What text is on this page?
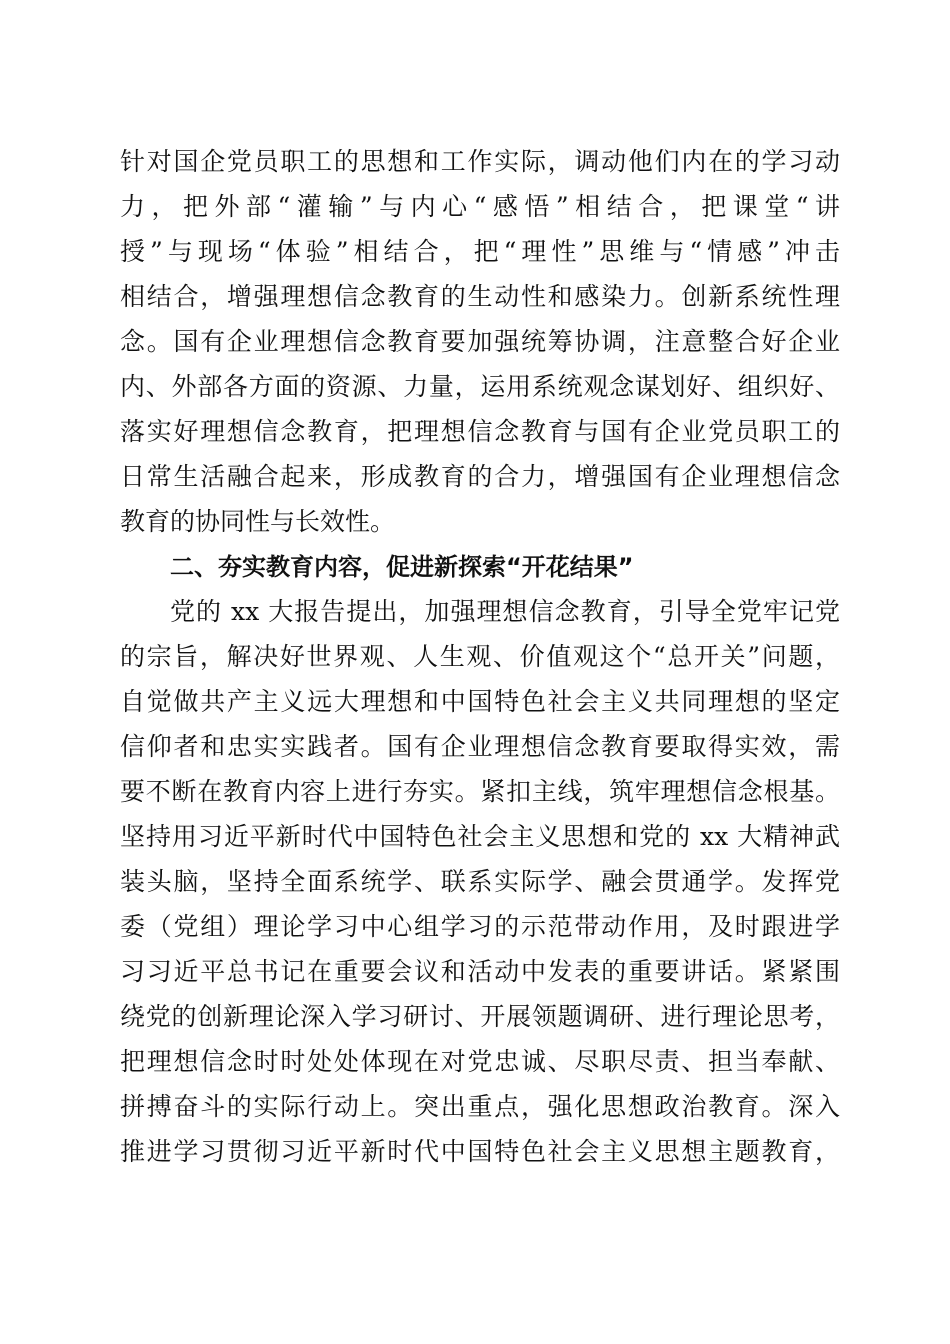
针对国企党员职工的思想和工作实际，调动他们内在的学习动
力，把外部“灌输”与内心“感悟”相结合，把课堂“讲
授”与现场“体验”相结合，把“理性”思维与“情感”冲击
相结合，增强理想信念教育的生动性和感染力。创新系统性理
念。国有企业理想信念教育要加强统筹协调，注意整合好企业
内、外部各方面的资源、力量，运用系统观念谋划好、组织好、
落实好理想信念教育，把理想信念教育与国有企业党员职工的
日常生活融合起来，形成教育的合力，增强国有企业理想信念
教育的协同性与长效性。
二、夯实教育内容，促进新探索“开花结果”
党的 xx 大报告提出，加强理想信念教育，引导全党牢记党
的宗旨，解决好世界观、人生观、价值观这个“总开关”问题，
自觉做共产主义远大理想和中国特色社会主义共同理想的坚定
信仰者和忠实实践者。国有企业理想信念教育要取得实效，需
要不断在教育内容上进行夯实。紧扣主线，筑牢理想信念根基。
坚持用习近平新时代中国特色社会主义思想和党的 xx 大精神武
装头脑，坚持全面系统学、联系实际学、融会贯通学。发挥党
委（党组）理论学习中心组学习的示范带动作用，及时跟进学
习习近平总书记在重要会议和活动中发表的重要讲话。紧紧围
绕党的创新理论深入学习研讨、开展领题调研、进行理论思考，
把理想信念时时处处体现在对党忠诚、尽职尽责、担当奉献、
拼搏奋斗的实际行动上。突出重点，强化思想政治教育。深入
推进学习贯彻习近平新时代中国特色社会主义思想主题教育，
